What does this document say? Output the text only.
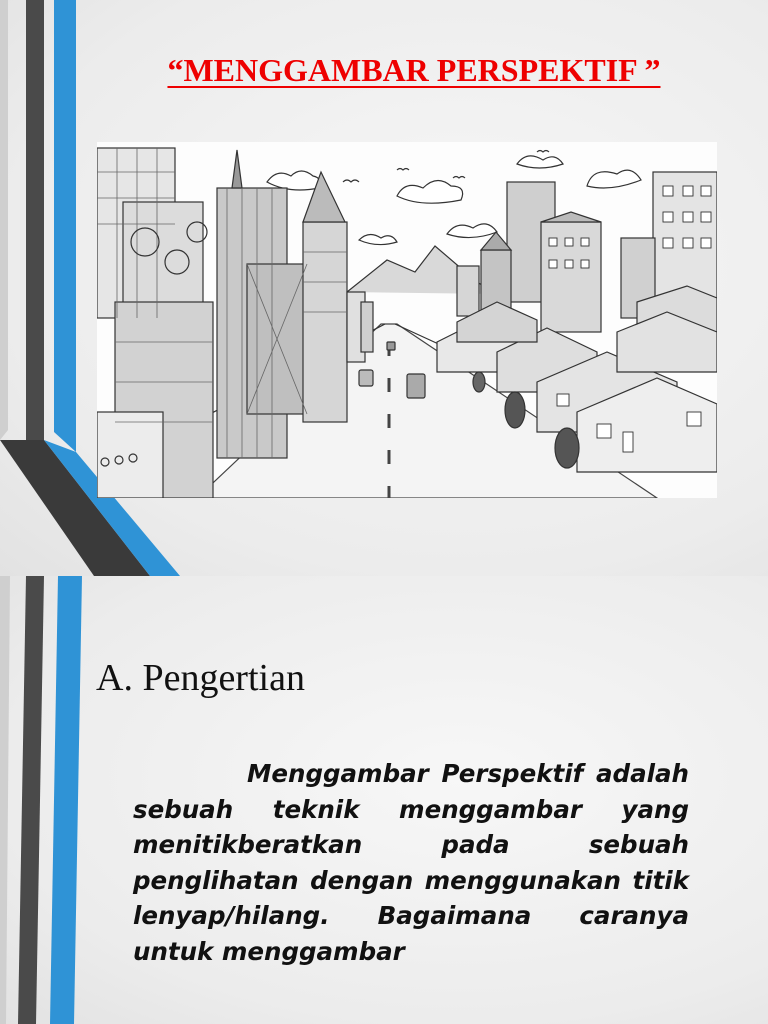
“MENGGAMBAR PERSPEKTIF ”
A. Pengertian
Menggambar Perspektif adalah sebuah teknik menggambar yang menitikberatkan pada sebuah penglihatan dengan menggunakan titik lenyap/hilang. Bagaimana caranya untuk menggambar
